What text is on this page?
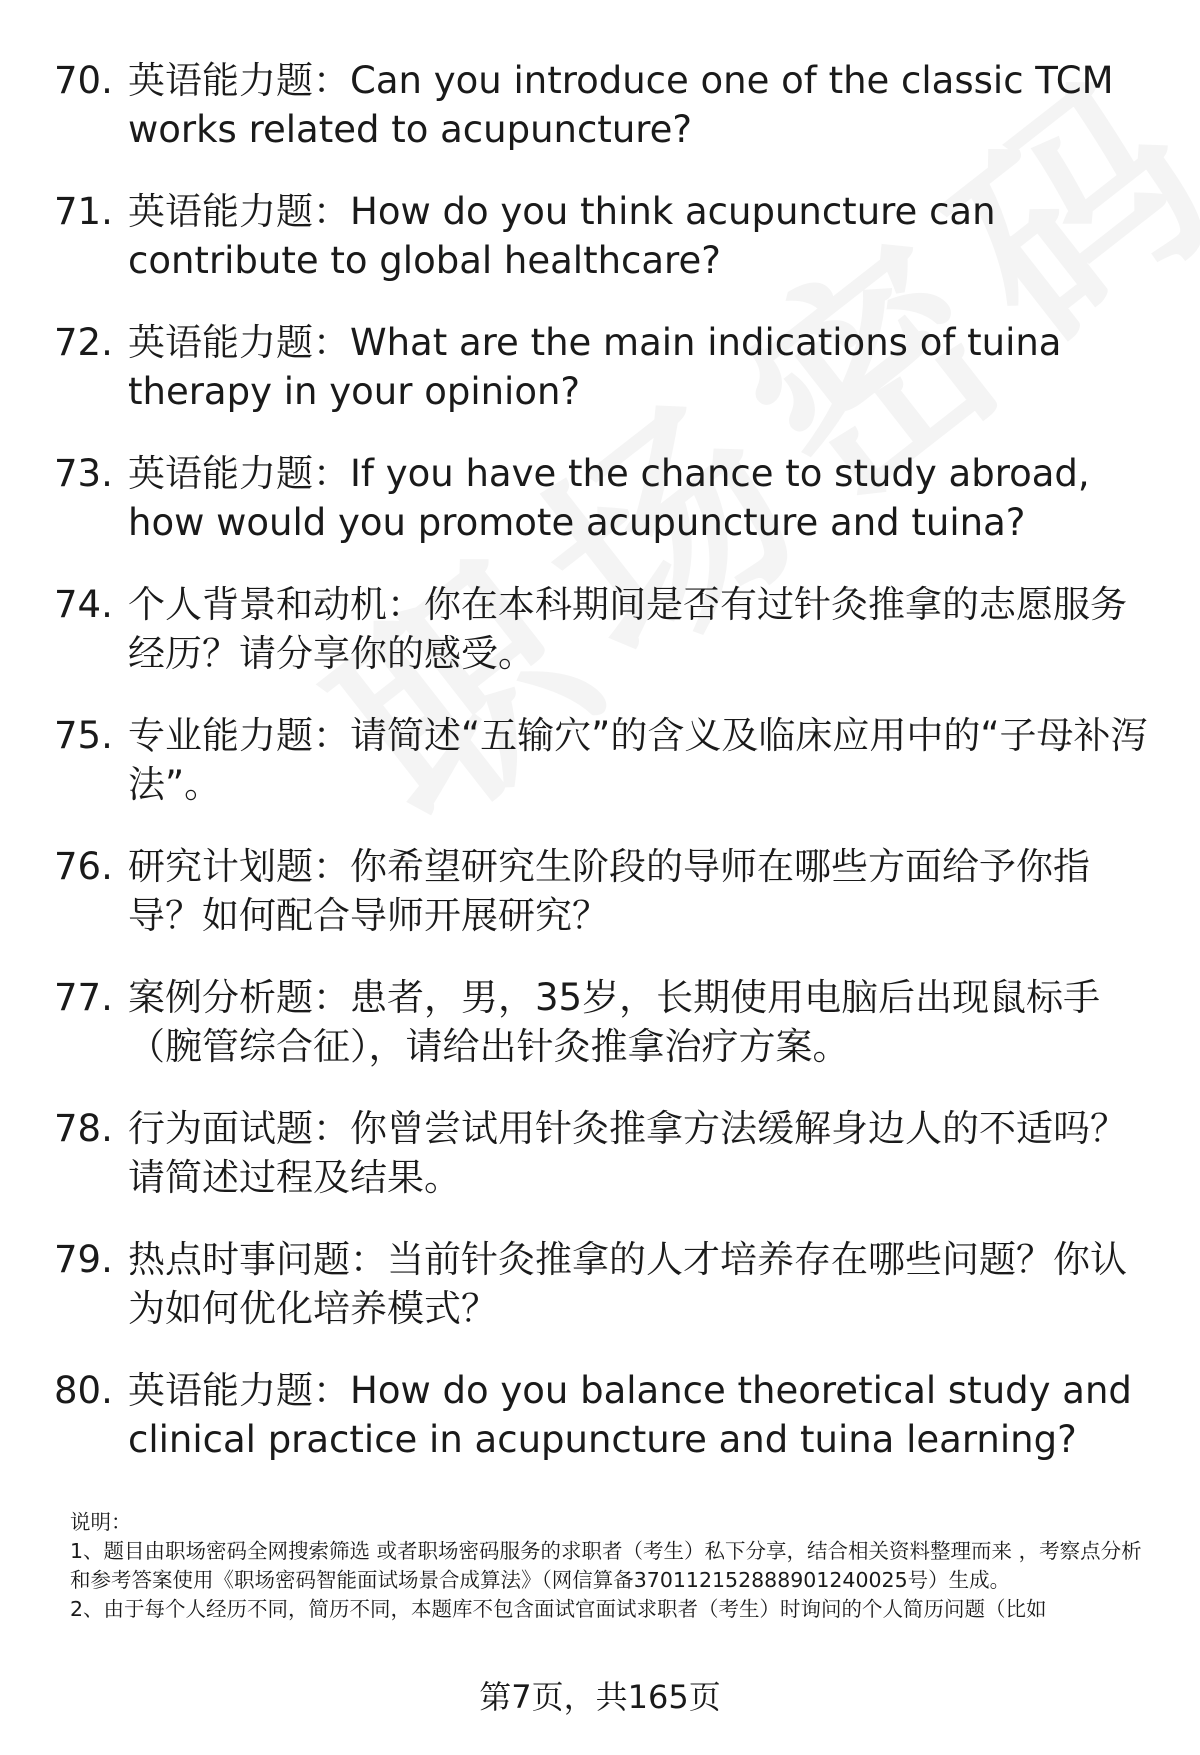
70. 英语能力题：Can you introduce one of the classic TCM works related to acupuncture?
71. 英语能力题：How do you think acupuncture can contribute to global healthcare?
72. 英语能力题：What are the main indications of tuina therapy in your opinion?
73. 英语能力题：If you have the chance to study abroad, how would you promote acupuncture and tuina?
74. 个人背景和动机：你在本科期间是否有过针灸推拿的志愿服务经历？请分享你的感受。
75. 专业能力题：请简述“五输穴”的含义及临床应用中的“子母补泻法”。
76. 研究计划题：你希望研究生阶段的导师在哪些方面给予你指导？如何配合导师开展研究？
77. 案例分析题：患者，男，35岁，长期使用电脑后出现鼠标手（腕管综合征），请给出针灸推拿治疗方案。
78. 行为面试题：你曾尝试用针灸推拿方法缓解身边人的不适吗？请简述过程及结果。
79. 热点时事问题：当前针灸推拿的人才培养存在哪些问题？你认为如何优化培养模式？
80. 英语能力题：How do you balance theoretical study and clinical practice in acupuncture and tuina learning?

说明：

1、题目由职场密码全网搜索筛选 或者职场密码服务的求职者（考生）私下分享，结合相关资料整理而来 ，考察点分析和参考答案使用《职场密码智能面试场景合成算法》（网信算备370112152888901240025号）生成。

2、由于每个人经历不同，简历不同，本题库不包含面试官面试求职者（考生）时询问的个人简历问题（比如

第7页，共165页
